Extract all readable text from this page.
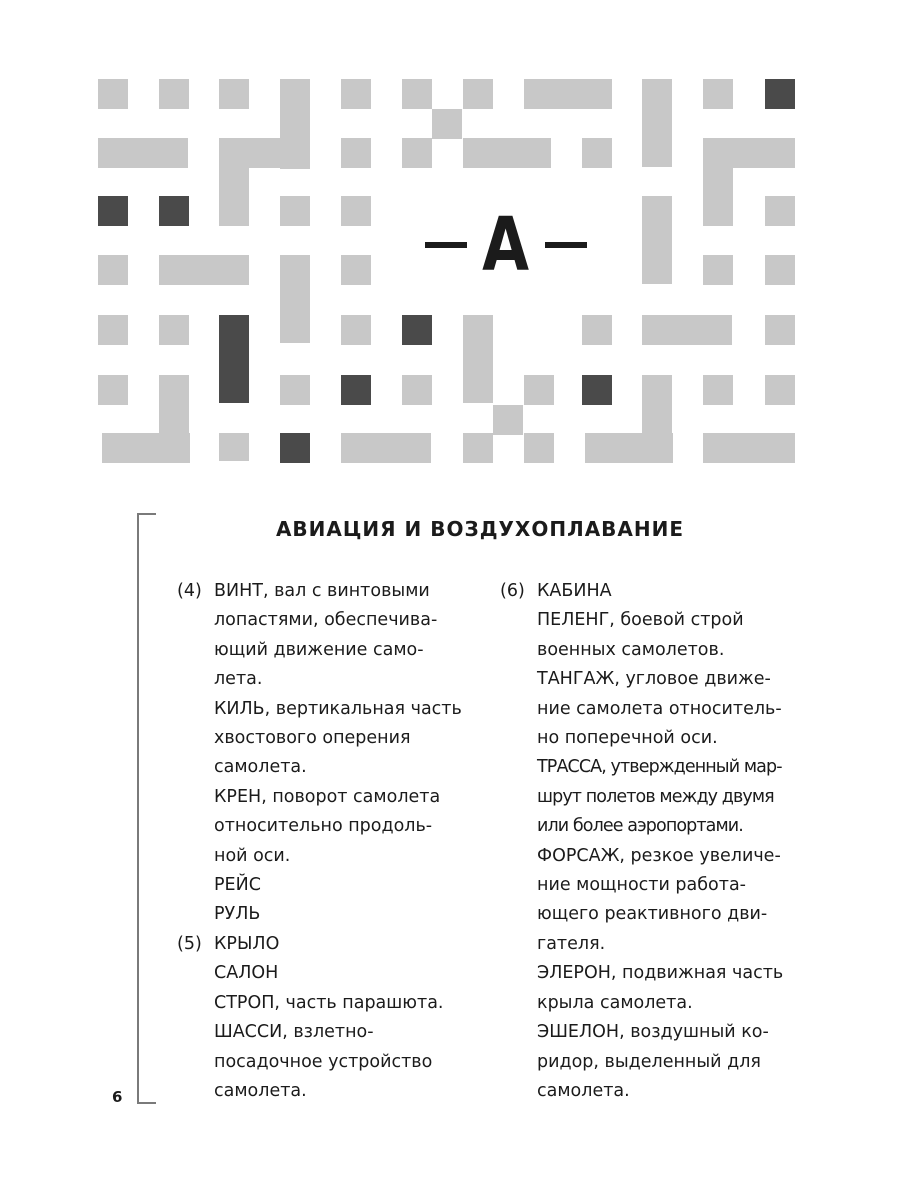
А
6
АВИАЦИЯ И ВОЗДУХОПЛАВАНИЕ
(4) ВИНТ, вал с винтовыми
лопастями, обеспечива-
ющий движение само-
лета.
КИЛЬ, вертикальная часть
хвостового оперения
самолета.
КРЕН, поворот самолета
относительно продоль-
ной оси.
РЕЙС
РУЛЬ
(5) КРЫЛО
САЛОН
СТРОП, часть парашюта.
ШАССИ, взлетно-
посадочное устройство
самолета.
(6) КАБИНА
ПЕЛЕНГ, боевой строй
военных самолетов.
ТАНГАЖ, угловое движе-
ние самолета относитель-
но поперечной оси.
ТРАССА, утвержденный мар-
шрут полетов между двумя
или более аэропортами.
ФОРСАЖ, резкое увеличе-
ние мощности работа-
ющего реактивного дви-
гателя.
ЭЛЕРОН, подвижная часть
крыла самолета.
ЭШЕЛОН, воздушный ко-
ридор, выделенный для
самолета.
